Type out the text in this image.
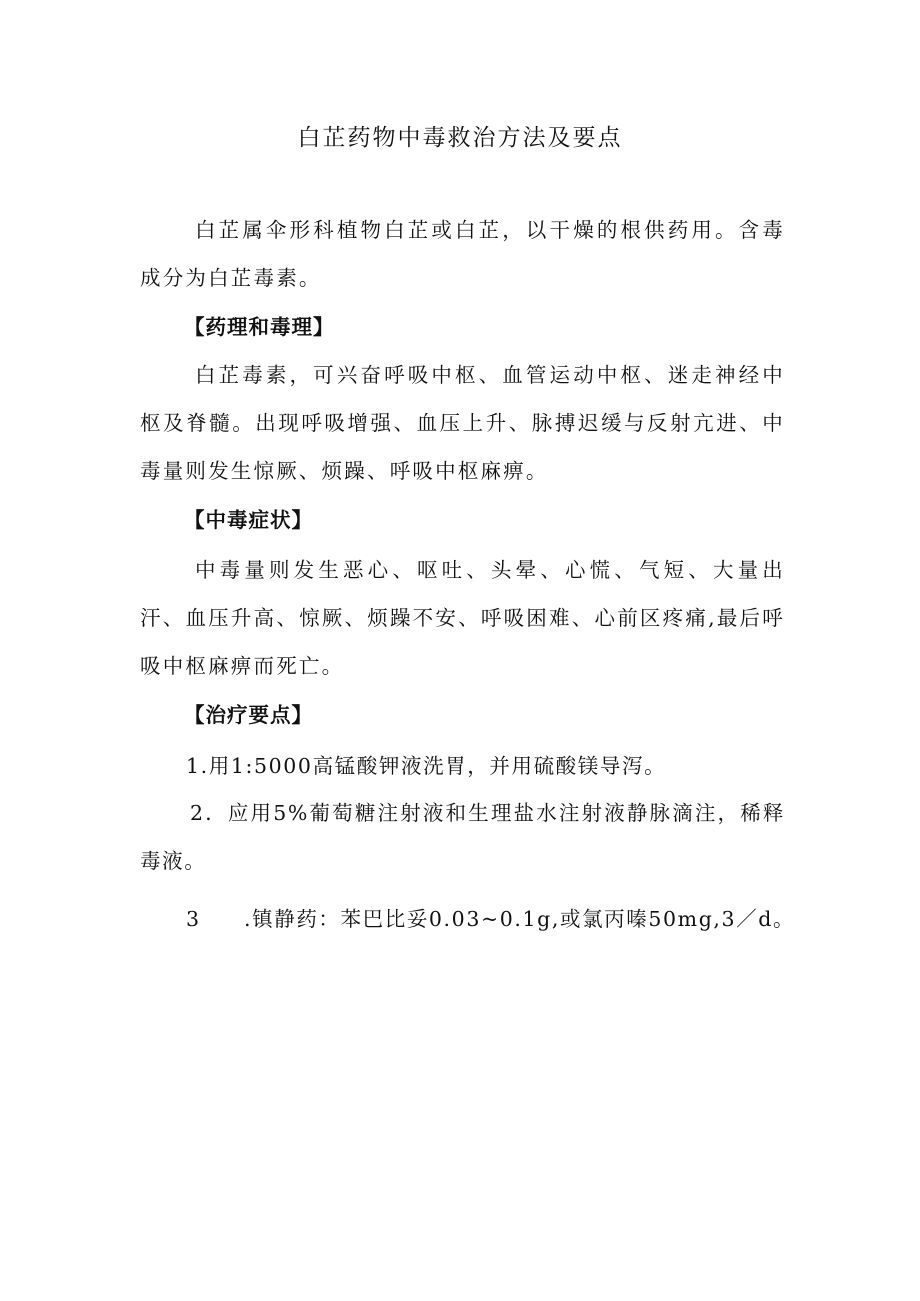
白芷药物中毒救治方法及要点

白芷属伞形科植物白芷或白芷，以干燥的根供药用。含毒成分为白芷毒素。

【药理和毒理】

白芷毒素，可兴奋呼吸中枢、血管运动中枢、迷走神经中枢及脊髓。出现呼吸增强、血压上升、脉搏迟缓与反射亢进、中毒量则发生惊厥、烦躁、呼吸中枢麻痹。

【中毒症状】

中毒量则发生恶心、呕吐、头晕、心慌、气短、大量出汗、血压升高、惊厥、烦躁不安、呼吸困难、心前区疼痛,最后呼吸中枢麻痹而死亡。

【治疗要点】

1.用1:5000高锰酸钾液洗胃，并用硫酸镁导泻。

2．应用5%葡萄糖注射液和生理盐水注射液静脉滴注，稀释毒液。

3 .镇静药：苯巴比妥0.03~0.1g,或氯丙嗪50mg,3／d。
